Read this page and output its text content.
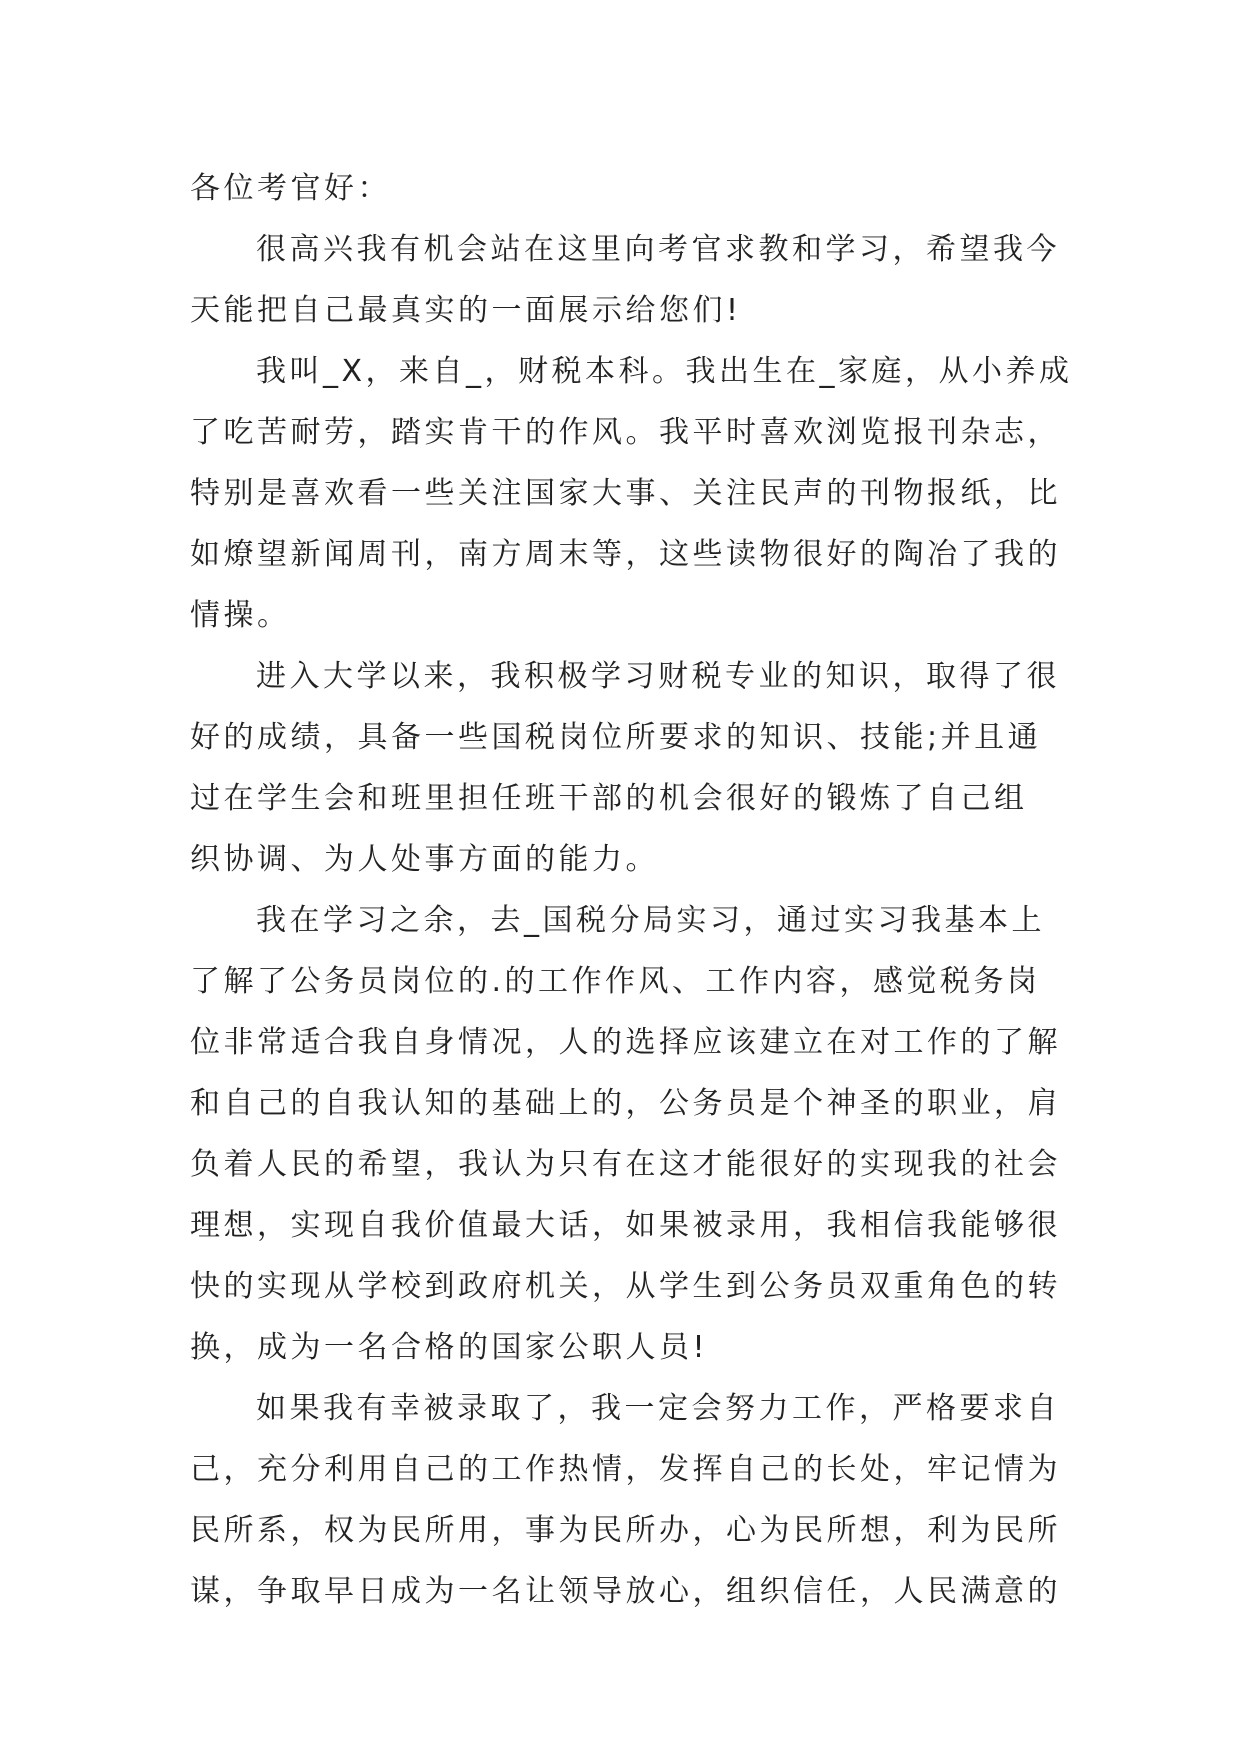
各位考官好：
很高兴我有机会站在这里向考官求教和学习，希望我今
天能把自己最真实的一面展示给您们!
我叫_X，来自_，财税本科。我出生在_家庭，从小养成
了吃苦耐劳，踏实肯干的作风。我平时喜欢浏览报刊杂志，
特别是喜欢看一些关注国家大事、关注民声的刊物报纸，比
如燎望新闻周刊，南方周末等，这些读物很好的陶冶了我的
情操。
进入大学以来，我积极学习财税专业的知识，取得了很
好的成绩，具备一些国税岗位所要求的知识、技能;并且通
过在学生会和班里担任班干部的机会很好的锻炼了自己组
织协调、为人处事方面的能力。
我在学习之余，去_国税分局实习，通过实习我基本上
了解了公务员岗位的.的工作作风、工作内容，感觉税务岗
位非常适合我自身情况，人的选择应该建立在对工作的了解
和自己的自我认知的基础上的，公务员是个神圣的职业，肩
负着人民的希望，我认为只有在这才能很好的实现我的社会
理想，实现自我价值最大话，如果被录用，我相信我能够很
快的实现从学校到政府机关，从学生到公务员双重角色的转
换，成为一名合格的国家公职人员!
如果我有幸被录取了，我一定会努力工作，严格要求自
己，充分利用自己的工作热情，发挥自己的长处，牢记情为
民所系，权为民所用，事为民所办，心为民所想，利为民所
谋，争取早日成为一名让领导放心，组织信任，人民满意的
